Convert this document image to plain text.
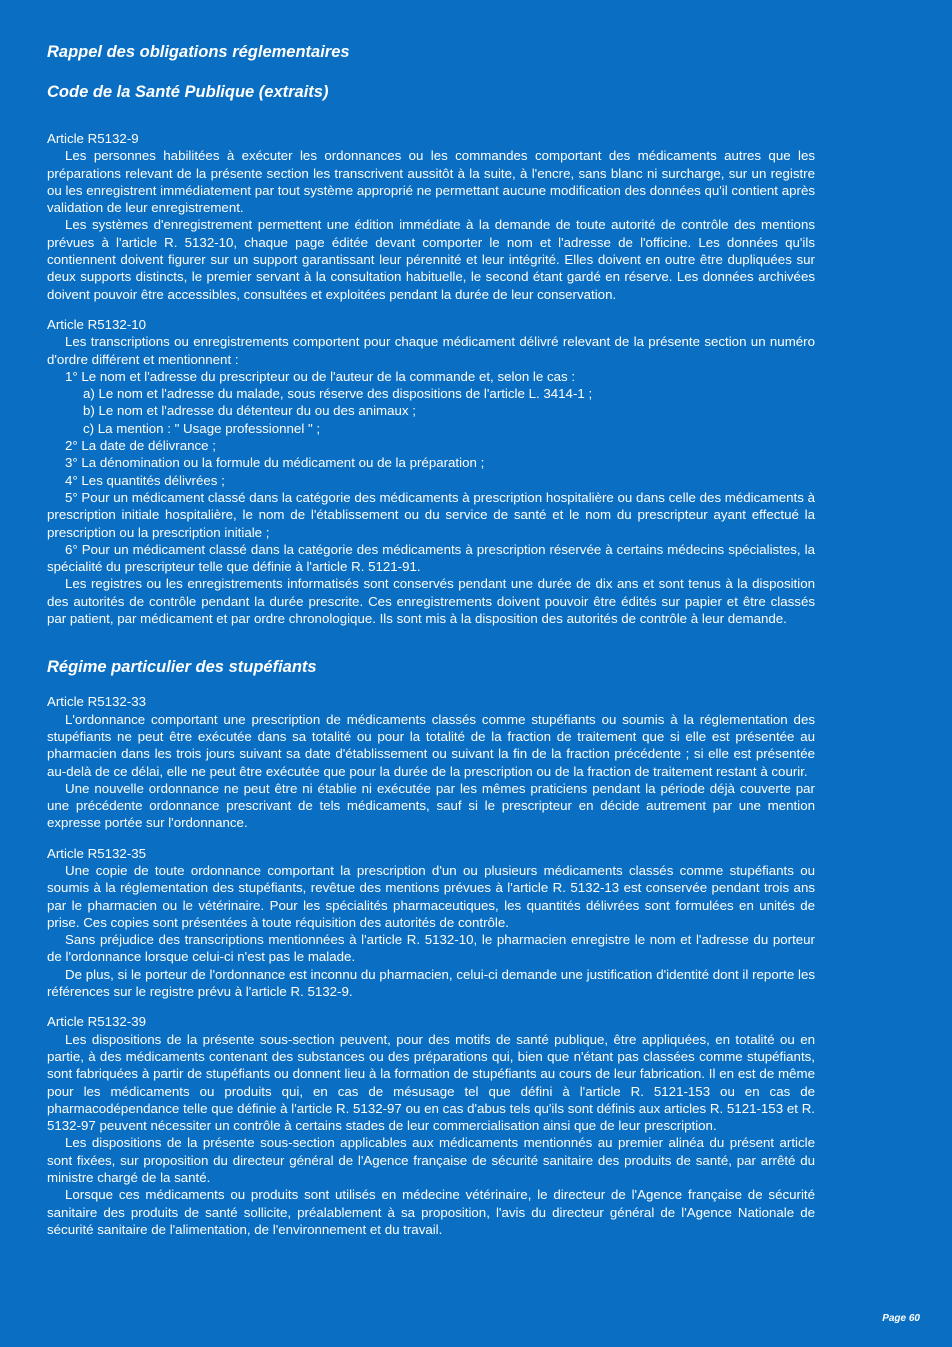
Rappel des obligations réglementaires
Code de la Santé Publique (extraits)

Article R5132-9

Les personnes habilitées à exécuter les ordonnances ou les commandes comportant des médicaments autres que les préparations relevant de la présente section les transcrivent aussitôt à la suite, à l'encre, sans blanc ni surcharge, sur un registre ou les enregistrent immédiatement par tout système approprié ne permettant aucune modification des données qu'il contient après validation de leur enregistrement.

Les systèmes d'enregistrement permettent une édition immédiate à la demande de toute autorité de contrôle des mentions prévues à l'article R. 5132-10, chaque page éditée devant comporter le nom et l'adresse de l'officine. Les données qu'ils contiennent doivent figurer sur un support garantissant leur pérennité et leur intégrité. Elles doivent en outre être dupliquées sur deux supports distincts, le premier servant à la consultation habituelle, le second étant gardé en réserve. Les données archivées doivent pouvoir être accessibles, consultées et exploitées pendant la durée de leur conservation.

Article R5132-10

Les transcriptions ou enregistrements comportent pour chaque médicament délivré relevant de la présente section un numéro d'ordre différent et mentionnent :

1° Le nom et l'adresse du prescripteur ou de l'auteur de la commande et, selon le cas :

a) Le nom et l'adresse du malade, sous réserve des dispositions de l'article L. 3414-1 ;

b) Le nom et l'adresse du détenteur du ou des animaux ;

c) La mention : " Usage professionnel " ;

2° La date de délivrance ;

3° La dénomination ou la formule du médicament ou de la préparation ;

4° Les quantités délivrées ;

5° Pour un médicament classé dans la catégorie des médicaments à prescription hospitalière ou dans celle des médicaments à prescription initiale hospitalière, le nom de l'établissement ou du service de santé et le nom du prescripteur ayant effectué la prescription ou la prescription initiale ;

6° Pour un médicament classé dans la catégorie des médicaments à prescription réservée à certains médecins spécialistes, la spécialité du prescripteur telle que définie à l'article R. 5121-91.

Les registres ou les enregistrements informatisés sont conservés pendant une durée de dix ans et sont tenus à la disposition des autorités de contrôle pendant la durée prescrite. Ces enregistrements doivent pouvoir être édités sur papier et être classés par patient, par médicament et par ordre chronologique. Ils sont mis à la disposition des autorités de contrôle à leur demande.

Régime particulier des stupéfiants

Article R5132-33

L'ordonnance comportant une prescription de médicaments classés comme stupéfiants ou soumis à la réglementation des stupéfiants ne peut être exécutée dans sa totalité ou pour la totalité de la fraction de traitement que si elle est présentée au pharmacien dans les trois jours suivant sa date d'établissement ou suivant la fin de la fraction précédente ; si elle est présentée au-delà de ce délai, elle ne peut être exécutée que pour la durée de la prescription ou de la fraction de traitement restant à courir.

Une nouvelle ordonnance ne peut être ni établie ni exécutée par les mêmes praticiens pendant la période déjà couverte par une précédente ordonnance prescrivant de tels médicaments, sauf si le prescripteur en décide autrement par une mention expresse portée sur l'ordonnance.

Article R5132-35

Une copie de toute ordonnance comportant la prescription d'un ou plusieurs médicaments classés comme stupéfiants ou soumis à la réglementation des stupéfiants, revêtue des mentions prévues à l'article R. 5132-13 est conservée pendant trois ans par le pharmacien ou le vétérinaire. Pour les spécialités pharmaceutiques, les quantités délivrées sont formulées en unités de prise. Ces copies sont présentées à toute réquisition des autorités de contrôle.

Sans préjudice des transcriptions mentionnées à l'article R. 5132-10, le pharmacien enregistre le nom et l'adresse du porteur de l'ordonnance lorsque celui-ci n'est pas le malade.

De plus, si le porteur de l'ordonnance est inconnu du pharmacien, celui-ci demande une justification d'identité dont il reporte les références sur le registre prévu à l'article R. 5132-9.

Article R5132-39

Les dispositions de la présente sous-section peuvent, pour des motifs de santé publique, être appliquées, en totalité ou en partie, à des médicaments contenant des substances ou des préparations qui, bien que n'étant pas classées comme stupéfiants, sont fabriquées à partir de stupéfiants ou donnent lieu à la formation de stupéfiants au cours de leur fabrication. Il en est de même pour les médicaments ou produits qui, en cas de mésusage tel que défini à l'article R. 5121-153 ou en cas de pharmacodépendance telle que définie à l'article R. 5132-97 ou en cas d'abus tels qu'ils sont définis aux articles R. 5121-153 et R. 5132-97 peuvent nécessiter un contrôle à certains stades de leur commercialisation ainsi que de leur prescription.

Les dispositions de la présente sous-section applicables aux médicaments mentionnés au premier alinéa du présent article sont fixées, sur proposition du directeur général de l'Agence française de sécurité sanitaire des produits de santé, par arrêté du ministre chargé de la santé.

Lorsque ces médicaments ou produits sont utilisés en médecine vétérinaire, le directeur de l'Agence française de sécurité sanitaire des produits de santé sollicite, préalablement à sa proposition, l'avis du directeur général de l'Agence Nationale de sécurité sanitaire de l'alimentation, de l'environnement et du travail.

Page 60
